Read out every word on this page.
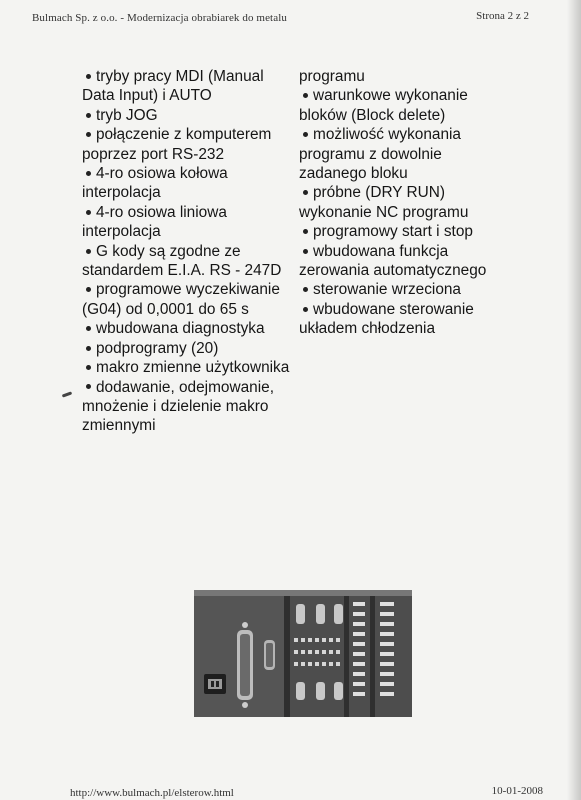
Bulmach Sp. z o.o. - Modernizacja obrabiarek do metalu	Strona 2 z 2
tryby pracy MDI (Manual Data Input) i AUTO
tryb JOG
połączenie z komputerem poprzez port RS-232
4-ro osiowa kołowa interpolacja
4-ro osiowa liniowa interpolacja
G kody są zgodne ze standardem E.I.A. RS - 247D
programowe wyczekiwanie (G04) od 0,0001 do 65 s
wbudowana diagnostyka
podprogramy (20)
makro zmienne użytkownika
dodawanie, odejmowanie, mnożenie i dzielenie makro zmiennymi
programu
warunkowe wykonanie bloków (Block delete)
możliwość wykonania programu z dowolnie zadanego bloku
próbne (DRY RUN) wykonanie NC programu
programowy start i stop
wbudowana funkcja zerowania automatycznego
sterowanie wrzeciona
wbudowane sterowanie układem chłodzenia
http://www.bulmach.pl/elsterow.html	10-01-2008
